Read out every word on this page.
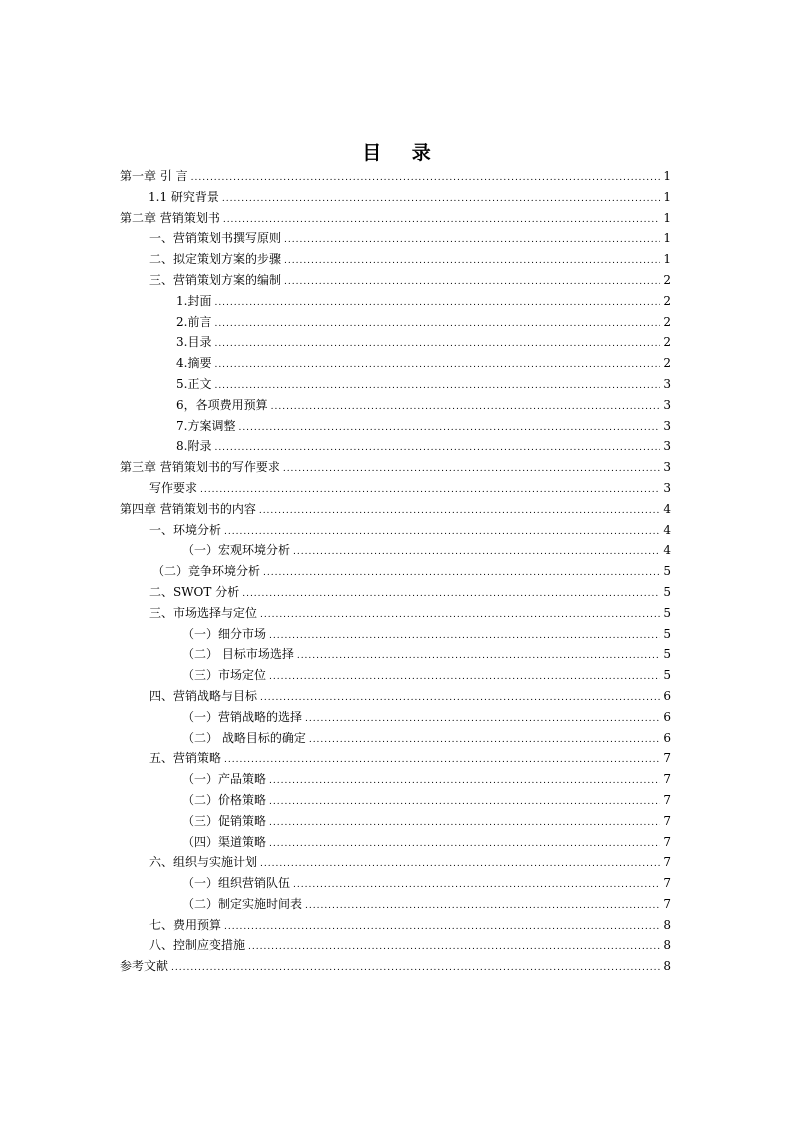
目 录
第一章 引 言 .....	1
1.1 研究背景 .....	1
第二章 营销策划书 .....	1
一、营销策划书撰写原则 .....	1
二、拟定策划方案的步骤 .....	1
三、营销策划方案的编制 .....	2
1.封面 .....	2
2.前言 .....	2
3.目录 .....	2
4.摘要 .....	2
5.正文 .....	3
6，各项费用预算 .....	3
7.方案调整 .....	3
8.附录 .....	3
第三章 营销策划书的写作要求 .....	3
写作要求 .....	3
第四章 营销策划书的内容 .....	4
一、环境分析 .....	4
（一）宏观环境分析 .....	4
（二）竞争环境分析 .....	5
二、SWOT 分析 .....	5
三、市场选择与定位 .....	5
（一）细分市场 .....	5
（二） 目标市场选择 .....	5
（三）市场定位 .....	5
四、营销战略与目标 .....	6
（一）营销战略的选择 .....	6
（二） 战略目标的确定 .....	6
五、营销策略 .....	7
（一）产品策略 .....	7
（二）价格策略 .....	7
（三）促销策略 .....	7
（四）渠道策略 .....	7
六、组织与实施计划 .....	7
（一）组织营销队伍 .....	7
（二）制定实施时间表 .....	7
七、费用预算 .....	8
八、控制应变措施 .....	8
参考文献 .....	8
